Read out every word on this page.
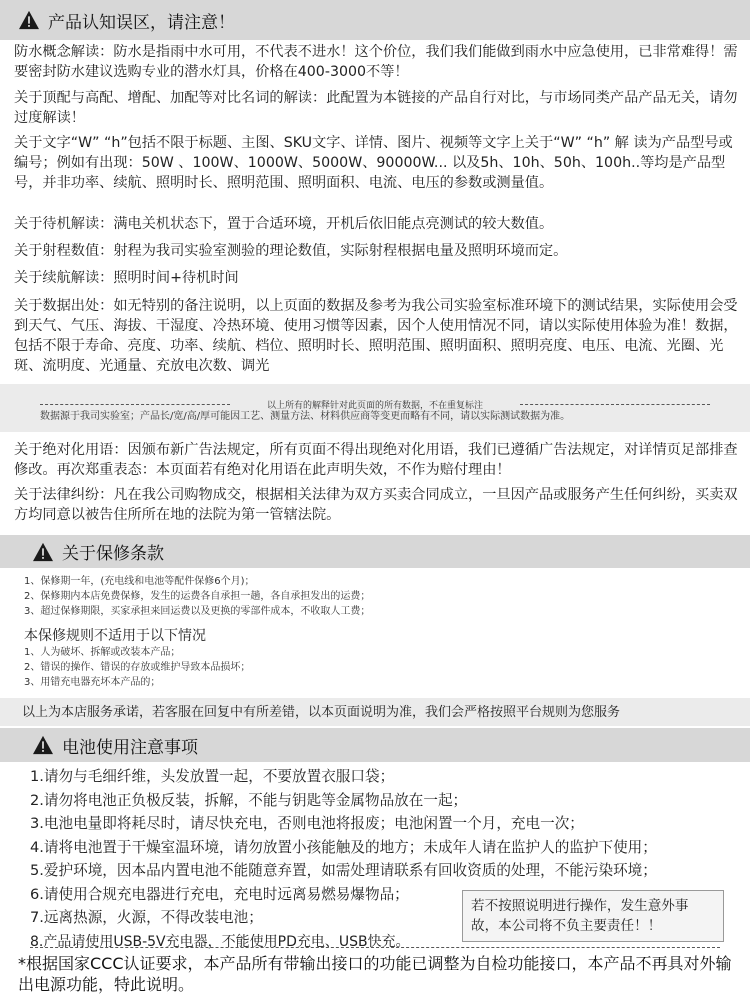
产品认知误区，请注意！

防水概念解读：防水是指雨中水可用，不代表不进水！这个价位，我们我们能做到雨水中应急使用，已非常难得！需要密封防水建议选购专业的潜水灯具，价格在400-3000不等！

关于顶配与高配、增配、加配等对比名词的解读：此配置为本链接的产品自行对比，与市场同类产品产品无关，请勿过度解读！

关于文字“W” “h”包括不限于标题、主图、SKU文字、详情、图片、视频等文字上关于“W” “h” 解 读为产品型号或编号；例如有出现：50W 、100W、1000W、5000W、90000W... 以及5h、10h、50h、100h..等均是产品型号，并非功率、续航、照明时长、照明范围、照明面积、电流、电压的参数或测量值。

关于待机解读：满电关机状态下，置于合适环境，开机后依旧能点亮测试的较大数值。

关于射程数值：射程为我司实验室测验的理论数值，实际射程根据电量及照明环境而定。

关于续航解读：照明时间+待机时间

关于数据出处：如无特别的备注说明，以上页面的数据及参考为我公司实验室标准环境下的测试结果，实际使用会受到天气、气压、海拔、干湿度、冷热环境、使用习惯等因素，因个人使用情况不同，请以实际使用体验为准！数据，包括不限于寿命、亮度、功率、续航、档位、照明时长、照明范围、照明面积、照明亮度、电压、电流、光圈、光斑、流明度、光通量、充放电次数、调光

以上所有的解释针对此页面的所有数据，不在重复标注

数据源于我司实验室；产品长/宽/高/厚可能因工艺、测量方法、材料供应商等变更而略有不同，请以实际测试数据为准。

关于绝对化用语：因颁布新广告法规定，所有页面不得出现绝对化用语，我们已遵循广告法规定，对详情页足部排查修改。再次郑重表态：本页面若有绝对化用语在此声明失效，不作为赔付理由！

关于法律纠纷：凡在我公司购物成交，根据相关法律为双方买卖合同成立，一旦因产品或服务产生任何纠纷，买卖双方均同意以被告住所所在地的法院为第一管辖法院。

关于保修条款

1、保修期一年，(充电线和电池等配件保修6个月)；

2、保修期内本店免费保修，发生的运费各自承担一趟，各自承担发出的运费；

3、超过保修期限，买家承担来回运费以及更换的零部件成本，不收取人工费；

本保修规则不适用于以下情况

1、人为破坏、拆解或改装本产品；

2、错误的操作、错误的存放或维护导致本品损坏；

3、用错充电器充坏本产品的；

以上为本店服务承诺，若客服在回复中有所差错，以本页面说明为准，我们会严格按照平台规则为您服务

电池使用注意事项

1.请勿与毛细纤维，头发放置一起，不要放置衣服口袋；

2.请勿将电池正负极反装，拆解，不能与钥匙等金属物品放在一起；

3.电池电量即将耗尽时，请尽快充电，否则电池将报废；电池闲置一个月，充电一次；

4.请将电池置于干燥室温环境，请勿放置小孩能触及的地方；未成年人请在监护人的监护下使用；

5.爱护环境，因本品内置电池不能随意弃置，如需处理请联系有回收资质的处理，不能污染环境；

6.请使用合规充电器进行充电，充电时远离易燃易爆物品；

7.远离热源，火源，不得改装电池；

8.产品请使用USB-5V充电器，不能使用PD充电、USB快充。

若不按照说明进行操作，发生意外事故，本公司将不负主要责任！！

*根据国家CCC认证要求，本产品所有带输出接口的功能已调整为自检功能接口，本产品不再具对外输出电源功能，特此说明。
